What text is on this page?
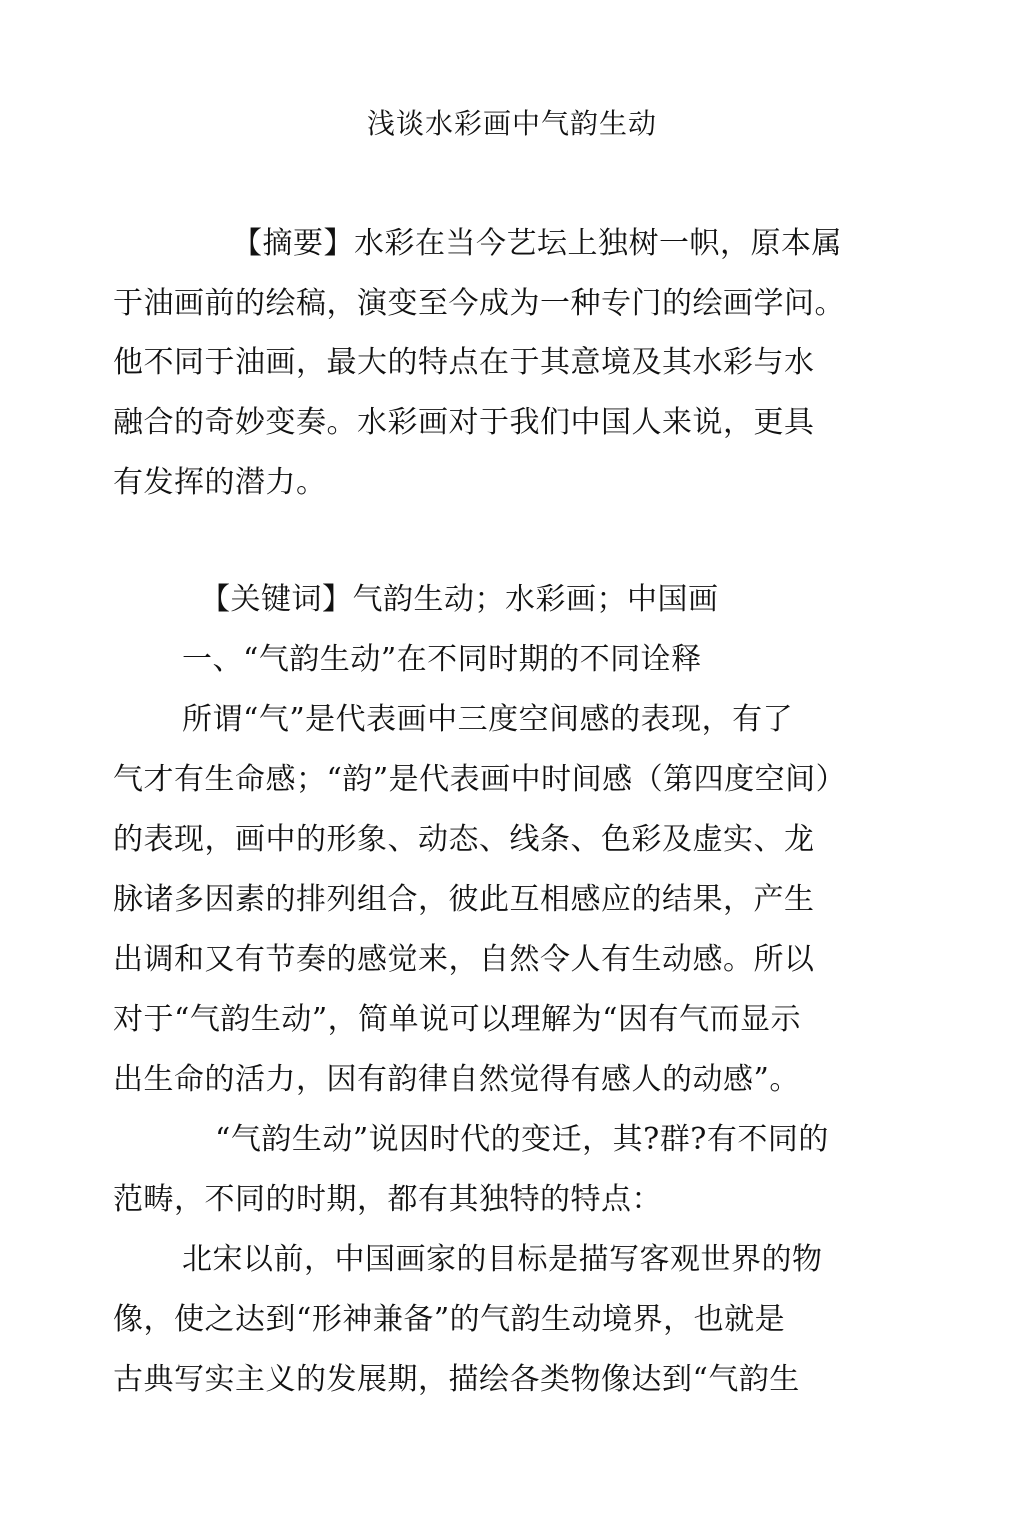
浅谈水彩画中气韵生动
【摘要】水彩在当今艺坛上独树一帜，原本属
于油画前的绘稿，演变至今成为一种专门的绘画学问。
他不同于油画，最大的特点在于其意境及其水彩与水
融合的奇妙变奏。水彩画对于我们中国人来说，更具
有发挥的潜力。
【关键词】气韵生动；水彩画；中国画
一、“气韵生动”在不同时期的不同诠释
所谓“气”是代表画中三度空间感的表现，有了
气才有生命感；“韵”是代表画中时间感（第四度空间）
的表现，画中的形象、动态、线条、色彩及虚实、龙
脉诸多因素的排列组合，彼此互相感应的结果，产生
出调和又有节奏的感觉来，自然令人有生动感。所以
对于“气韵生动”，简单说可以理解为“因有气而显示
出生命的活力，因有韵律自然觉得有感人的动感”。
“气韵生动”说因时代的变迁，其?群?有不同的
范畴，不同的时期，都有其独特的特点：
北宋以前，中国画家的目标是描写客观世界的物
像，使之达到“形神兼备”的气韵生动境界，也就是
古典写实主义的发展期，描绘各类物像达到“气韵生
